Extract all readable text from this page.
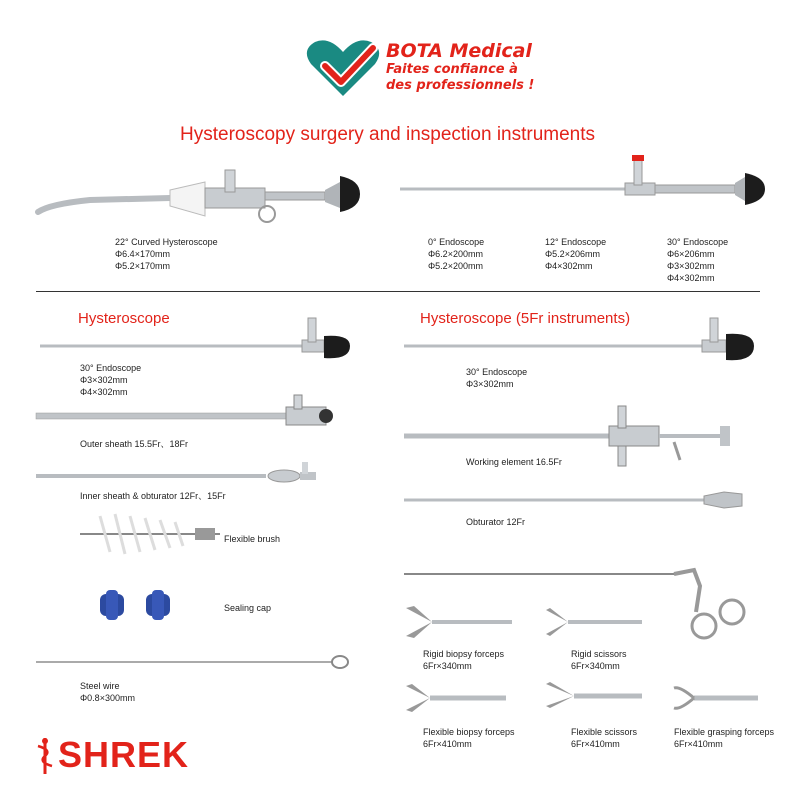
BOTA Medical
Faites confiance à
des professionnels !
Hysteroscopy surgery and inspection instruments
22° Curved Hysteroscope
Φ6.4×170mm
Φ5.2×170mm
0° Endoscope
Φ6.2×200mm
Φ5.2×200mm
12° Endoscope
Φ5.2×206mm
Φ4×302mm
30° Endoscope
Φ6×206mm
Φ3×302mm
Φ4×302mm
Hysteroscope
30° Endoscope
Φ3×302mm
Φ4×302mm
Outer sheath 15.5Fr、18Fr
Inner sheath & obturator 12Fr、15Fr
Flexible brush
Sealing cap
Steel wire
Φ0.8×300mm
SHREK
Hysteroscope (5Fr instruments)
30° Endoscope
Φ3×302mm
Working element 16.5Fr
Obturator 12Fr
Rigid biopsy forceps
6Fr×340mm
Rigid scissors
6Fr×340mm
Flexible biopsy forceps
6Fr×410mm
Flexible scissors
6Fr×410mm
Flexible grasping forceps
6Fr×410mm
